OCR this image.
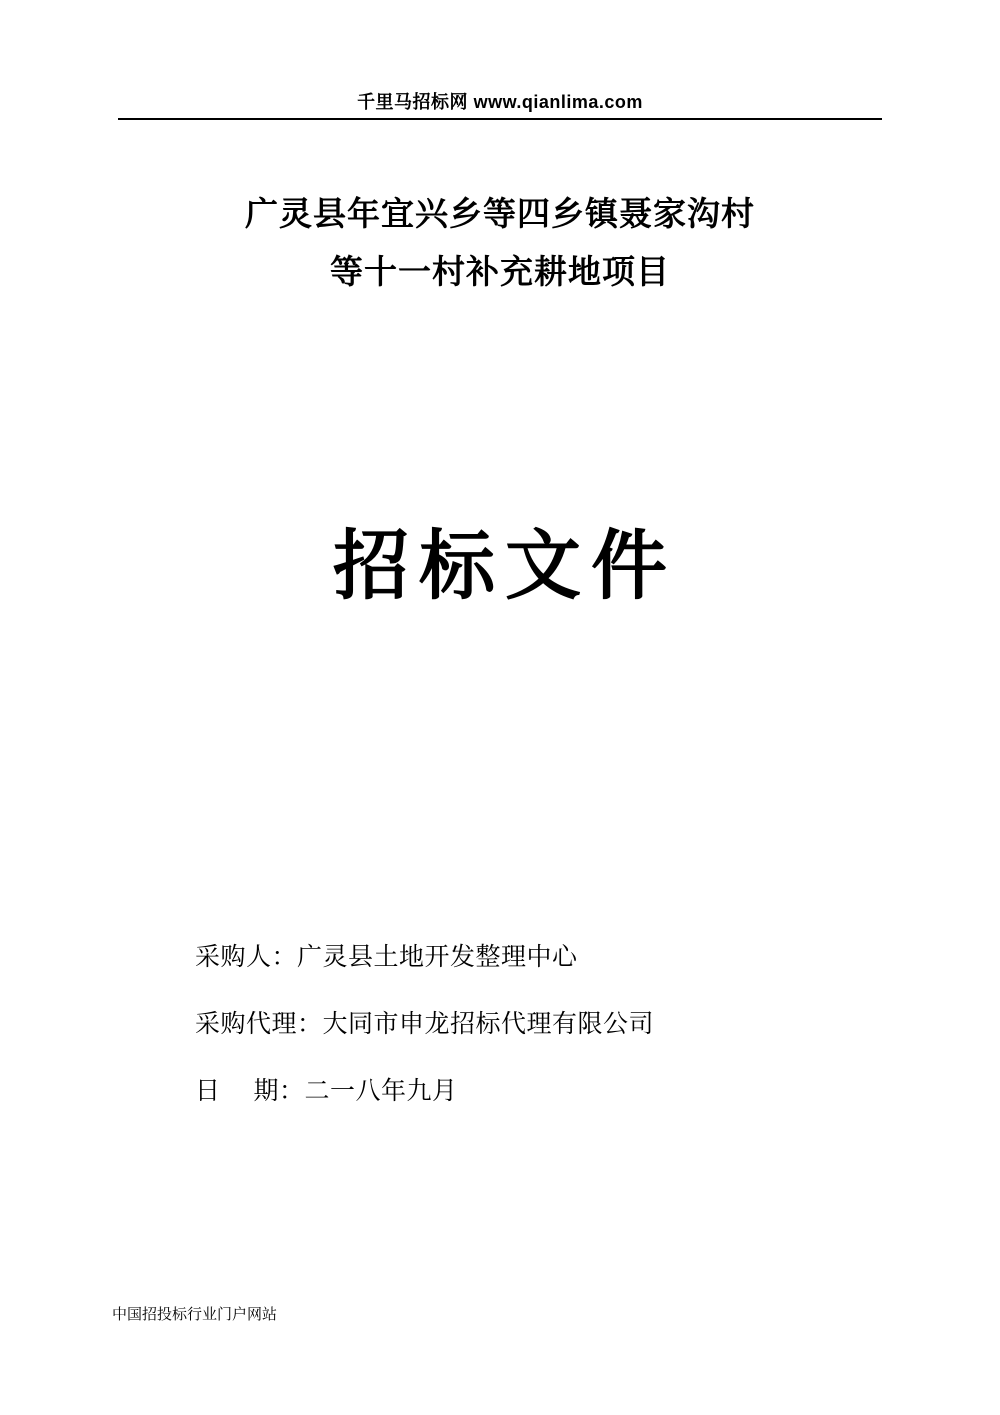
千里马招标网 www.qianlima.com
广灵县年宜兴乡等四乡镇聂家沟村
等十一村补充耕地项目
招标文件
采购人： 广灵县土地开发整理中心
采购代理： 大同市申龙招标代理有限公司
日　 期： 二一八年九月
中国招投标行业门户网站
